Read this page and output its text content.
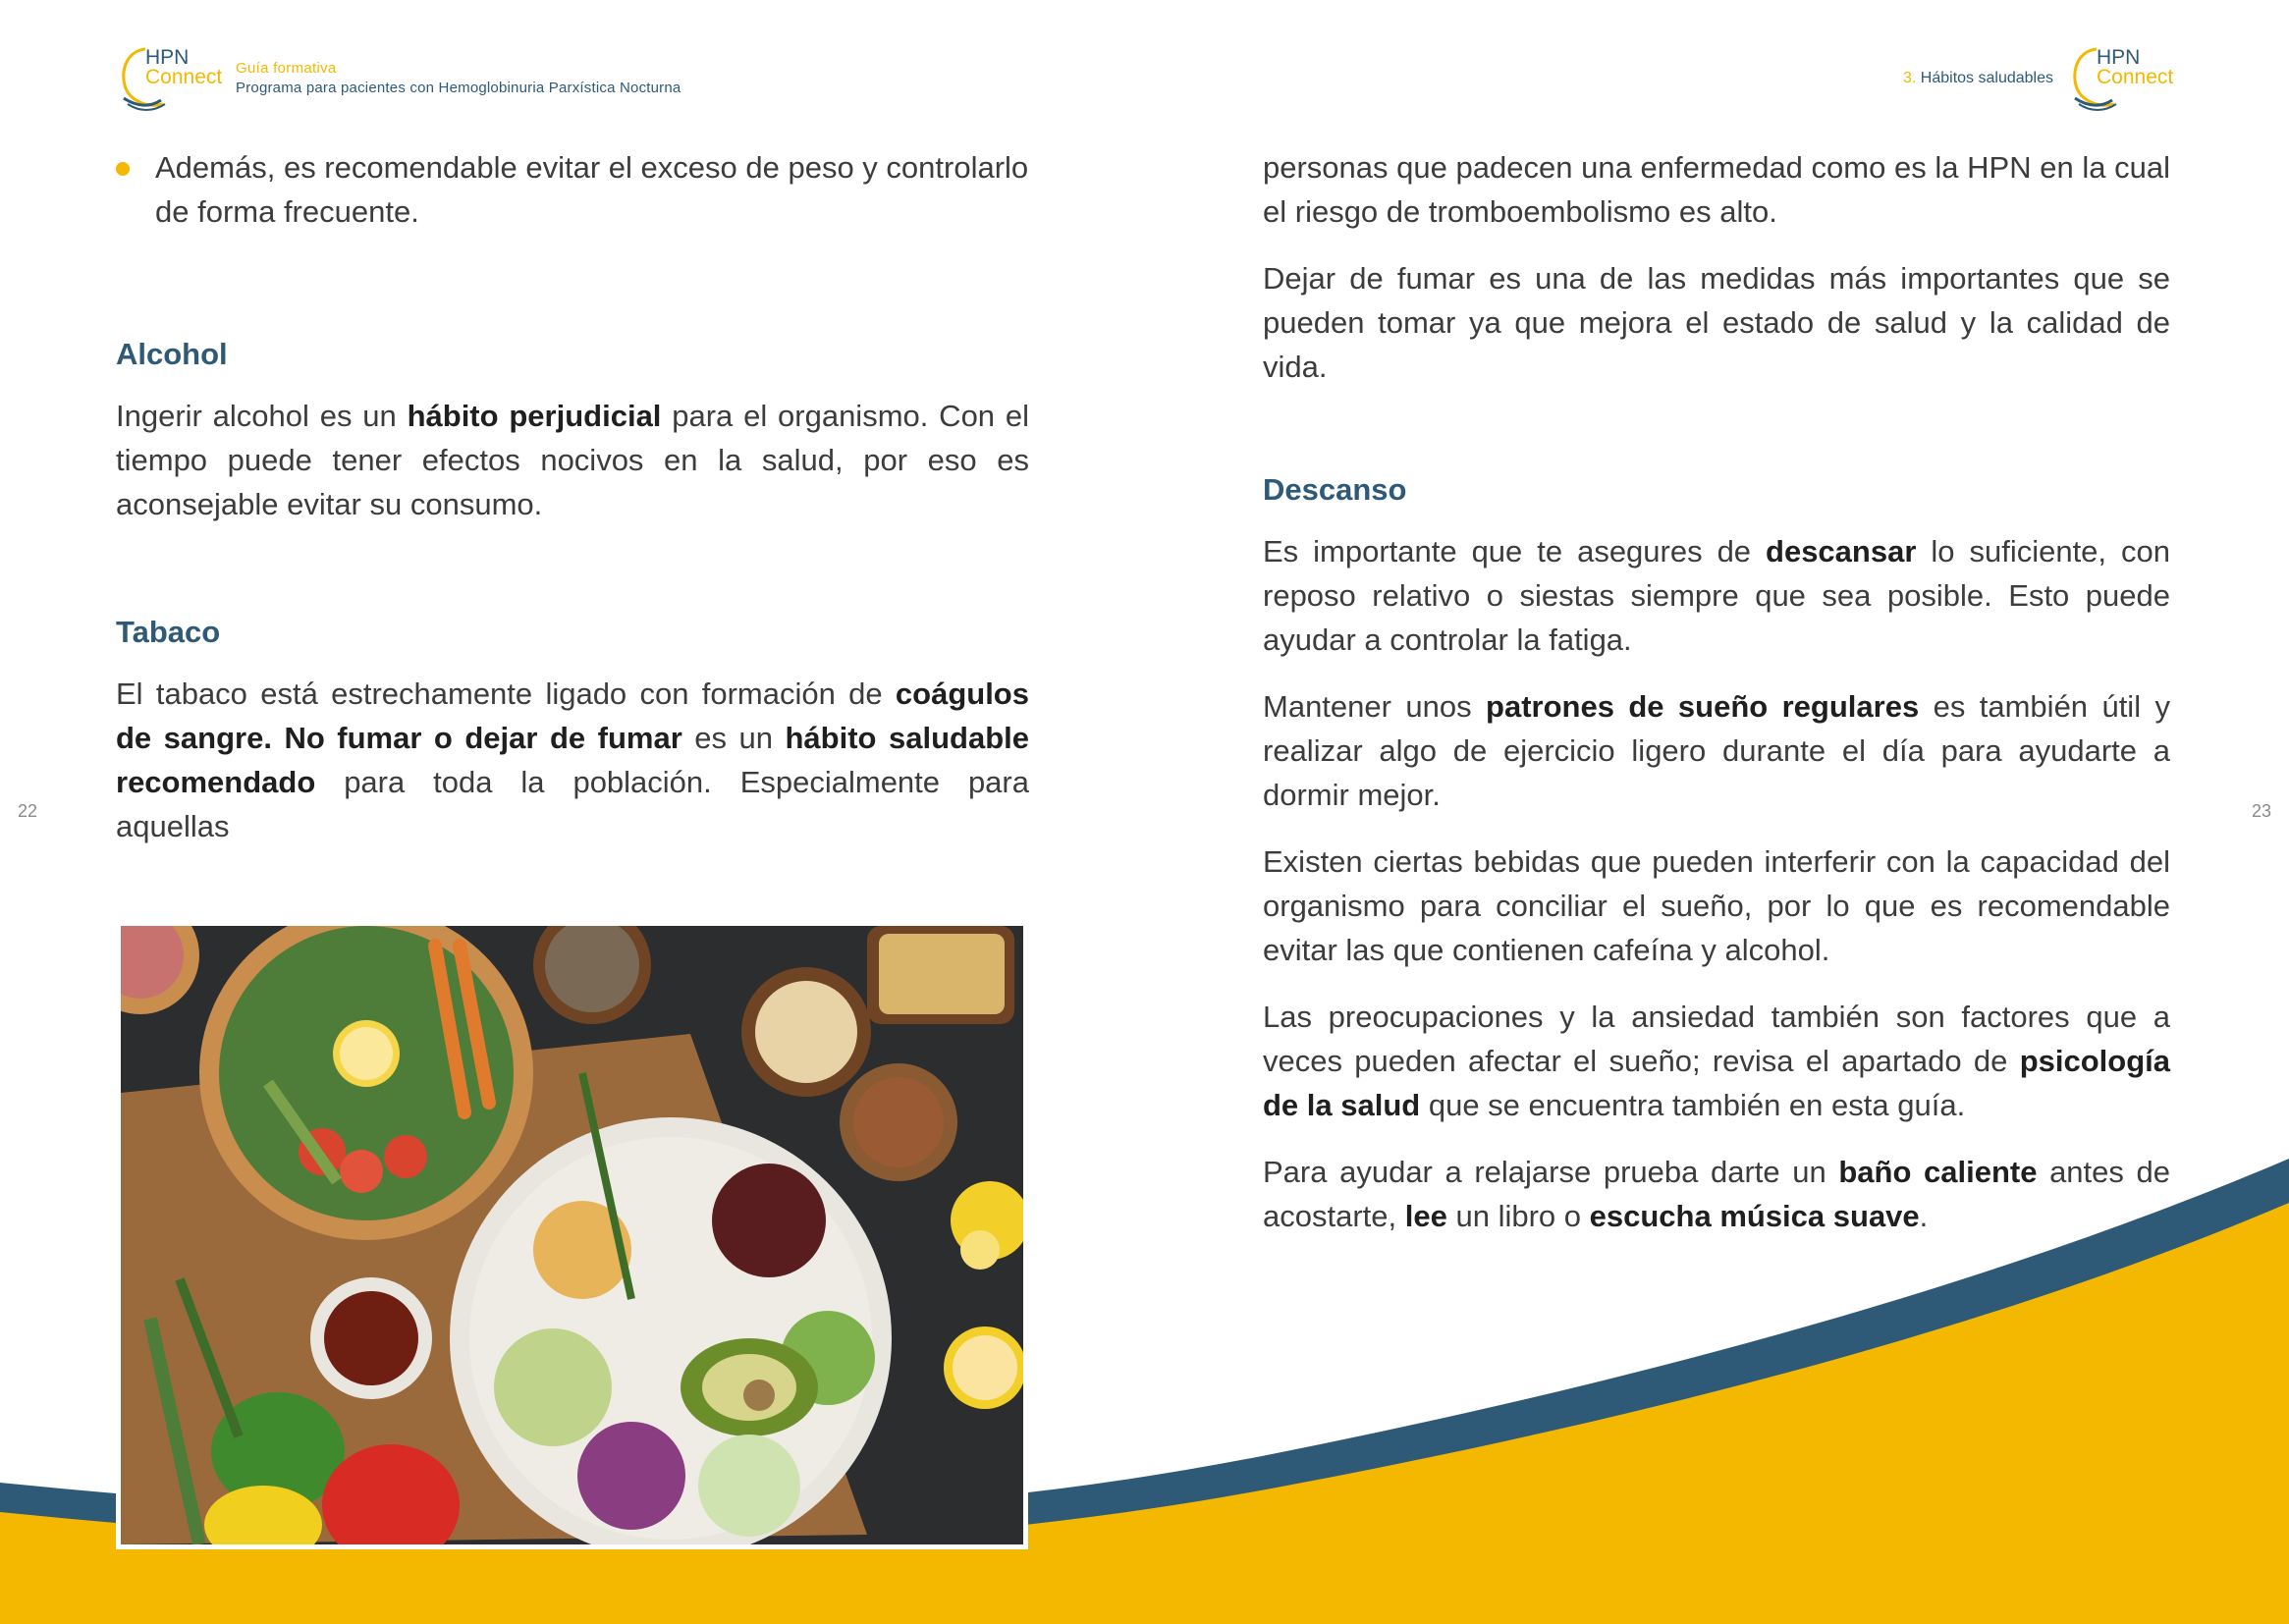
HPN
Connect Guía formativa
Programa para pacientes con Hemoglobinuria Parxística Nocturna
3. Hábitos saludables
HPN
Connect
22	23

Además, es recomendable evitar el exceso de peso y controlarlo de forma frecuente.

Alcohol

Ingerir alcohol es un hábito perjudicial para el organismo. Con el tiempo puede tener efectos nocivos en la salud, por eso es aconsejable evitar su consumo.

Tabaco

El tabaco está estrechamente ligado con formación de coágulos de sangre. No fumar o dejar de fumar es un hábito saludable recomendado para toda la población. Especialmente para aquellas

personas que padecen una enfermedad como es la HPN en la cual el riesgo de tromboembolismo es alto.

Dejar de fumar es una de las medidas más importantes que se pueden tomar ya que mejora el estado de salud y la calidad de vida.

Descanso

Es importante que te asegures de descansar lo suficiente, con reposo relativo o siestas siempre que sea posible. Esto puede ayudar a controlar la fatiga.

Mantener unos patrones de sueño regulares es también útil y realizar algo de ejercicio ligero durante el día para ayudarte a dormir mejor.

Existen ciertas bebidas que pueden interferir con la capacidad del organismo para conciliar el sueño, por lo que es recomendable evitar las que contienen cafeína y alcohol.

Las preocupaciones y la ansiedad también son factores que a veces pueden afectar el sueño; revisa el apartado de psicología de la salud que se encuentra también en esta guía.

Para ayudar a relajarse prueba darte un baño caliente antes de acostarte, lee un libro o escucha música suave.
